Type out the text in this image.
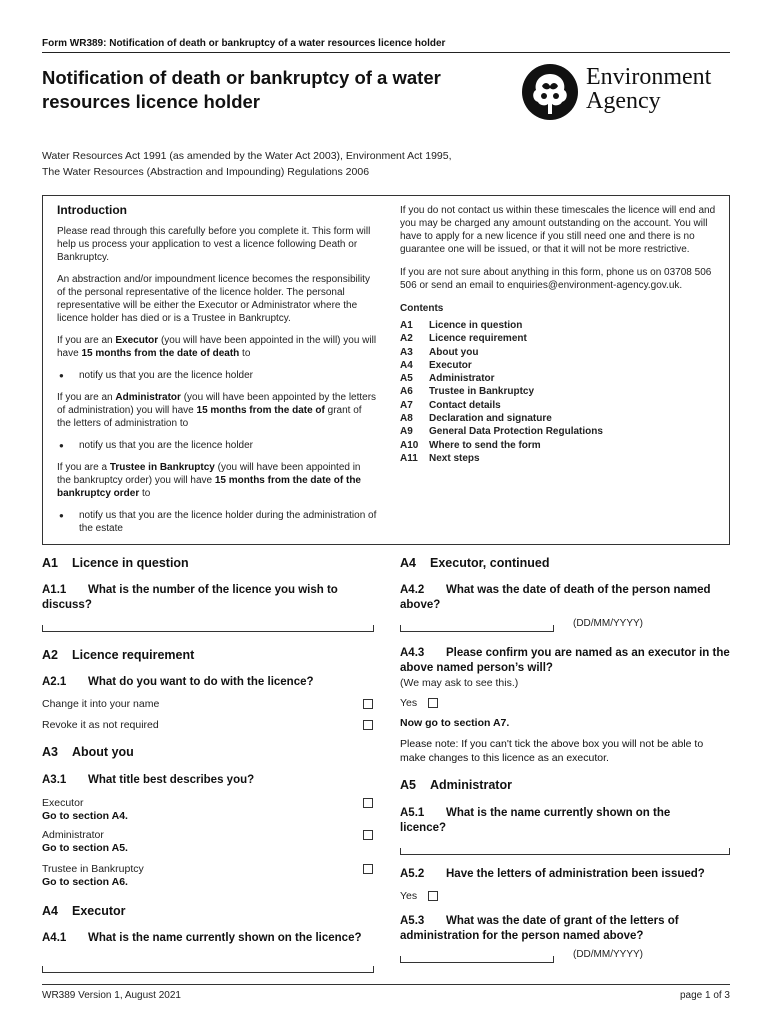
Form WR389: Notification of death or bankruptcy of a water resources licence holder
Notification of death or bankruptcy of a water
resources licence holder
Environment
Agency
Water Resources Act 1991 (as amended by the Water Act 2003), Environment Act 1995,
The Water Resources (Abstraction and Impounding) Regulations 2006
Introduction

Please read through this carefully before you complete it. This form will help us process your application to vest a licence following Death or Bankruptcy.

An abstraction and/or impoundment licence becomes the responsibility of the personal representative of the licence holder. The personal representative will be either the Executor or Administrator where the licence holder has died or is a Trustee in Bankruptcy.

If you are an Executor (you will have been appointed in the will) you will have 15 months from the date of death to

● notify us that you are the licence holder

If you are an Administrator (you will have been appointed by the letters of administration) you will have 15 months from the date of grant of the letters of administration to

● notify us that you are the licence holder

If you are a Trustee in Bankruptcy (you will have been appointed in the bankruptcy order) you will have 15 months from the date of the bankruptcy order to

● notify us that you are the licence holder during the administration of the estate

If you do not contact us within these timescales the licence will end and you may be charged any amount outstanding on the account. You will have to apply for a new licence if you still need one and there is no guarantee one will be issued, or that it will not be more restrictive.

If you are not sure about anything in this form, phone us on 03708 506 506 or send an email to enquiries@environment-agency.gov.uk.

Contents
A1	Licence in question
A2	Licence requirement
A3	About you
A4	Executor
A5	Administrator
A6	Trustee in Bankruptcy
A7	Contact details
A8	Declaration and signature
A9	General Data Protection Regulations
A10	Where to send the form
A11	Next steps
A1 Licence in question
A1.1 What is the number of the licence you wish to discuss?
A2 Licence requirement
A2.1 What do you want to do with the licence?
Change it into your name
Revoke it as not required
A3 About you
A3.1 What title best describes you?
Executor
Go to section A4.
Administrator
Go to section A5.
Trustee in Bankruptcy
Go to section A6.
A4 Executor
A4.1 What is the name currently shown on the licence?
A4 Executor, continued
A4.2 What was the date of death of the person named above?
(DD/MM/YYYY)
A4.3 Please confirm you are named as an executor in the above named person’s will?
(We may ask to see this.)
Yes
Now go to section A7.
Please note: If you can't tick the above box you will not be able to make changes to this licence as an executor.
A5 Administrator
A5.1 What is the name currently shown on the licence?
A5.2 Have the letters of administration been issued?
Yes
A5.3 What was the date of grant of the letters of administration for the person named above?
(DD/MM/YYYY)
WR389 Version 1, August 2021	page 1 of 3
